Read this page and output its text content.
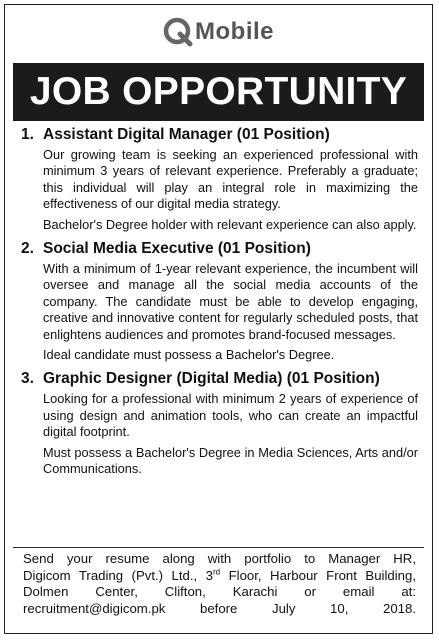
Mobile
JOB OPPORTUNITY
1. Assistant Digital Manager (01 Position)

Our growing team is seeking an experienced professional with minimum 3 years of relevant experience. Preferably a graduate; this individual will play an integral role in maximizing the effectiveness of our digital media strategy.

Bachelor's Degree holder with relevant experience can also apply.

2. Social Media Executive (01 Position)

With a minimum of 1-year relevant experience, the incumbent will oversee and manage all the social media accounts of the company. The candidate must be able to develop engaging, creative and innovative content for regularly scheduled posts, that enlightens audiences and promotes brand-focused messages.

Ideal candidate must possess a Bachelor's Degree.

3. Graphic Designer (Digital Media) (01 Position)

Looking for a professional with minimum 2 years of experience of using design and animation tools, who can create an impactful digital footprint.

Must possess a Bachelor's Degree in Media Sciences, Arts and/or Communications.

Send your resume along with portfolio to Manager HR,

Digicom Trading (Pvt.) Ltd., 3rd Floor, Harbour Front Building,

Dolmen Center, Clifton, Karachi or email at:

recruitment@digicom.pk before July 10, 2018.
